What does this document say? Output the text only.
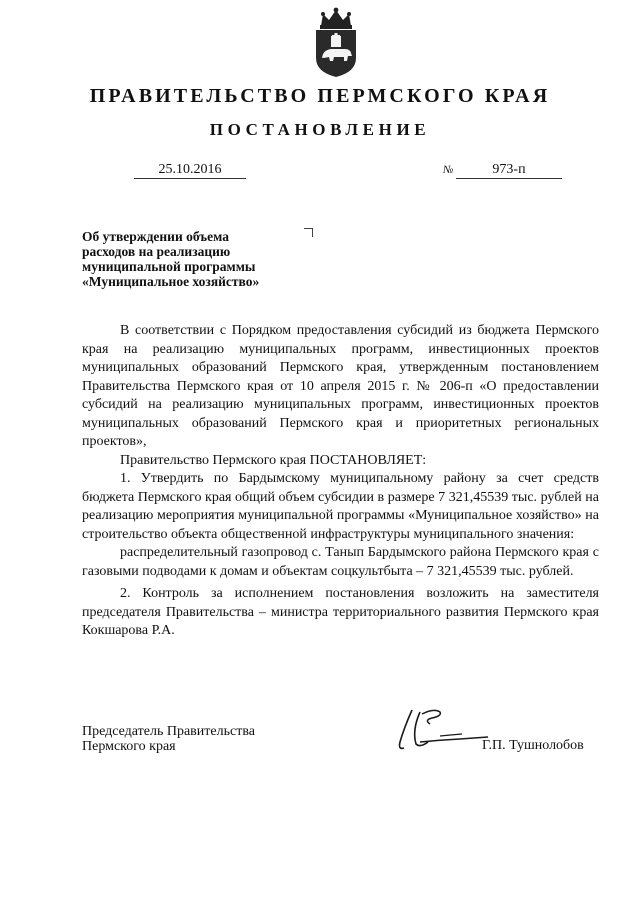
ПРАВИТЕЛЬСТВО ПЕРМСКОГО КРАЯ
ПОСТАНОВЛЕНИЕ
25.10.2016	№	973-п
Об утверждении объема
расходов на реализацию
муниципальной программы
«Муниципальное хозяйство»

В соответствии с Порядком предоставления субсидий из бюджета Пермского края на реализацию муниципальных программ, инвестиционных проектов муниципальных образований Пермского края, утвержденным постановлением Правительства Пермского края от 10 апреля 2015 г. № 206-п «О предоставлении субсидий на реализацию муниципальных программ, инвестиционных проектов муниципальных образований Пермского края и приоритетных региональных проектов»,

Правительство Пермского края ПОСТАНОВЛЯЕТ:

1. Утвердить по Бардымскому муниципальному району за счет средств бюджета Пермского края общий объем субсидии в размере 7 321,45539 тыс. рублей на реализацию мероприятия муниципальной программы «Муниципальное хозяйство» на строительство объекта общественной инфраструктуры муниципального значения:

распределительный газопровод с. Танып Бардымского района Пермского края с газовыми подводами к домам и объектам соцкультбыта – 7 321,45539 тыс. рублей.

2. Контроль за исполнением постановления возложить на заместителя председателя Правительства – министра территориального развития Пермского края Кокшарова Р.А.

Председатель Правительства
Пермского края	Г.П. Тушнолобов
